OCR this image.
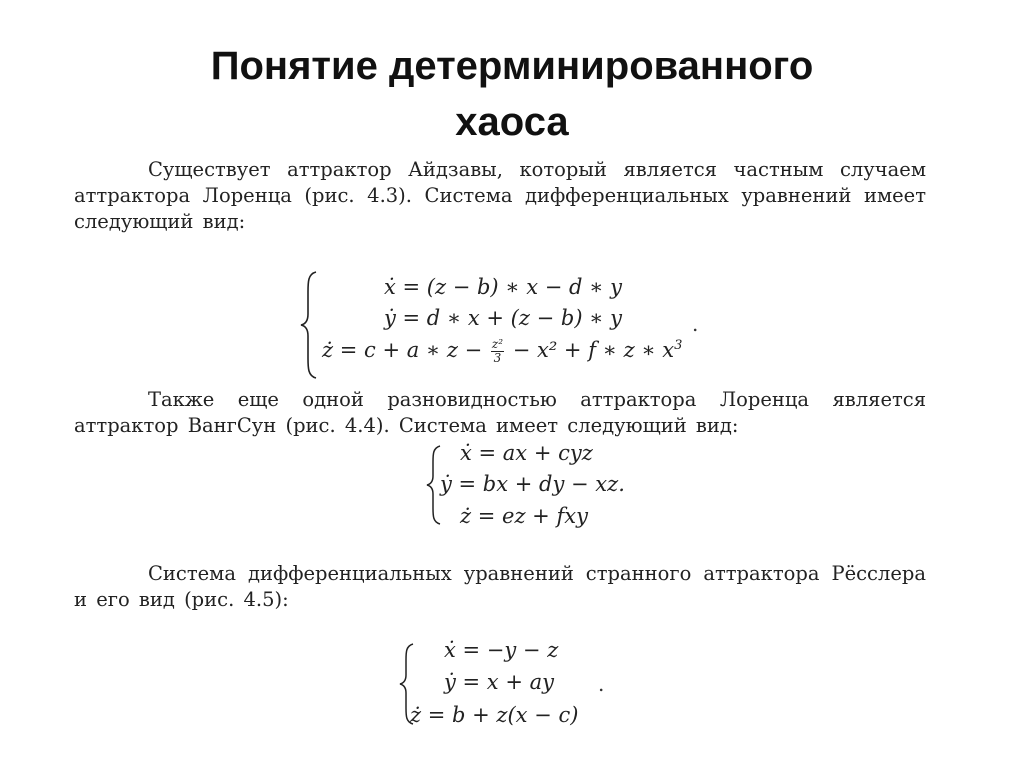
Понятие детерминированного
хаоса
Существует аттрактор Айдзавы, который является частным случаем
аттрактора Лоренца (рис. 4.3). Система дифференциальных уравнений имеет
следующий вид:
ẋ = (z − b) ∗ x − d ∗ y
ẏ = d ∗ x + (z − b) ∗ y
ż = c + a ∗ $z - \frac{\text{z²}}{3} - x^2 + f$ ∗ z ∗ $x^3$
.
Также еще одной разновидностью аттрактора Лоренца является
аттрактор ВангСун (рис. 4.4). Система имеет следующий вид:
ẋ = ax + cyz
ẏ = bx + dy − xz.
ż = ez + fxy
Система дифференциальных уравнений странного аттрактора Рёсслера
и его вид (рис. 4.5):
ẋ = −y − z
ẏ = x + ay
ż = b + z(x − c)
.
